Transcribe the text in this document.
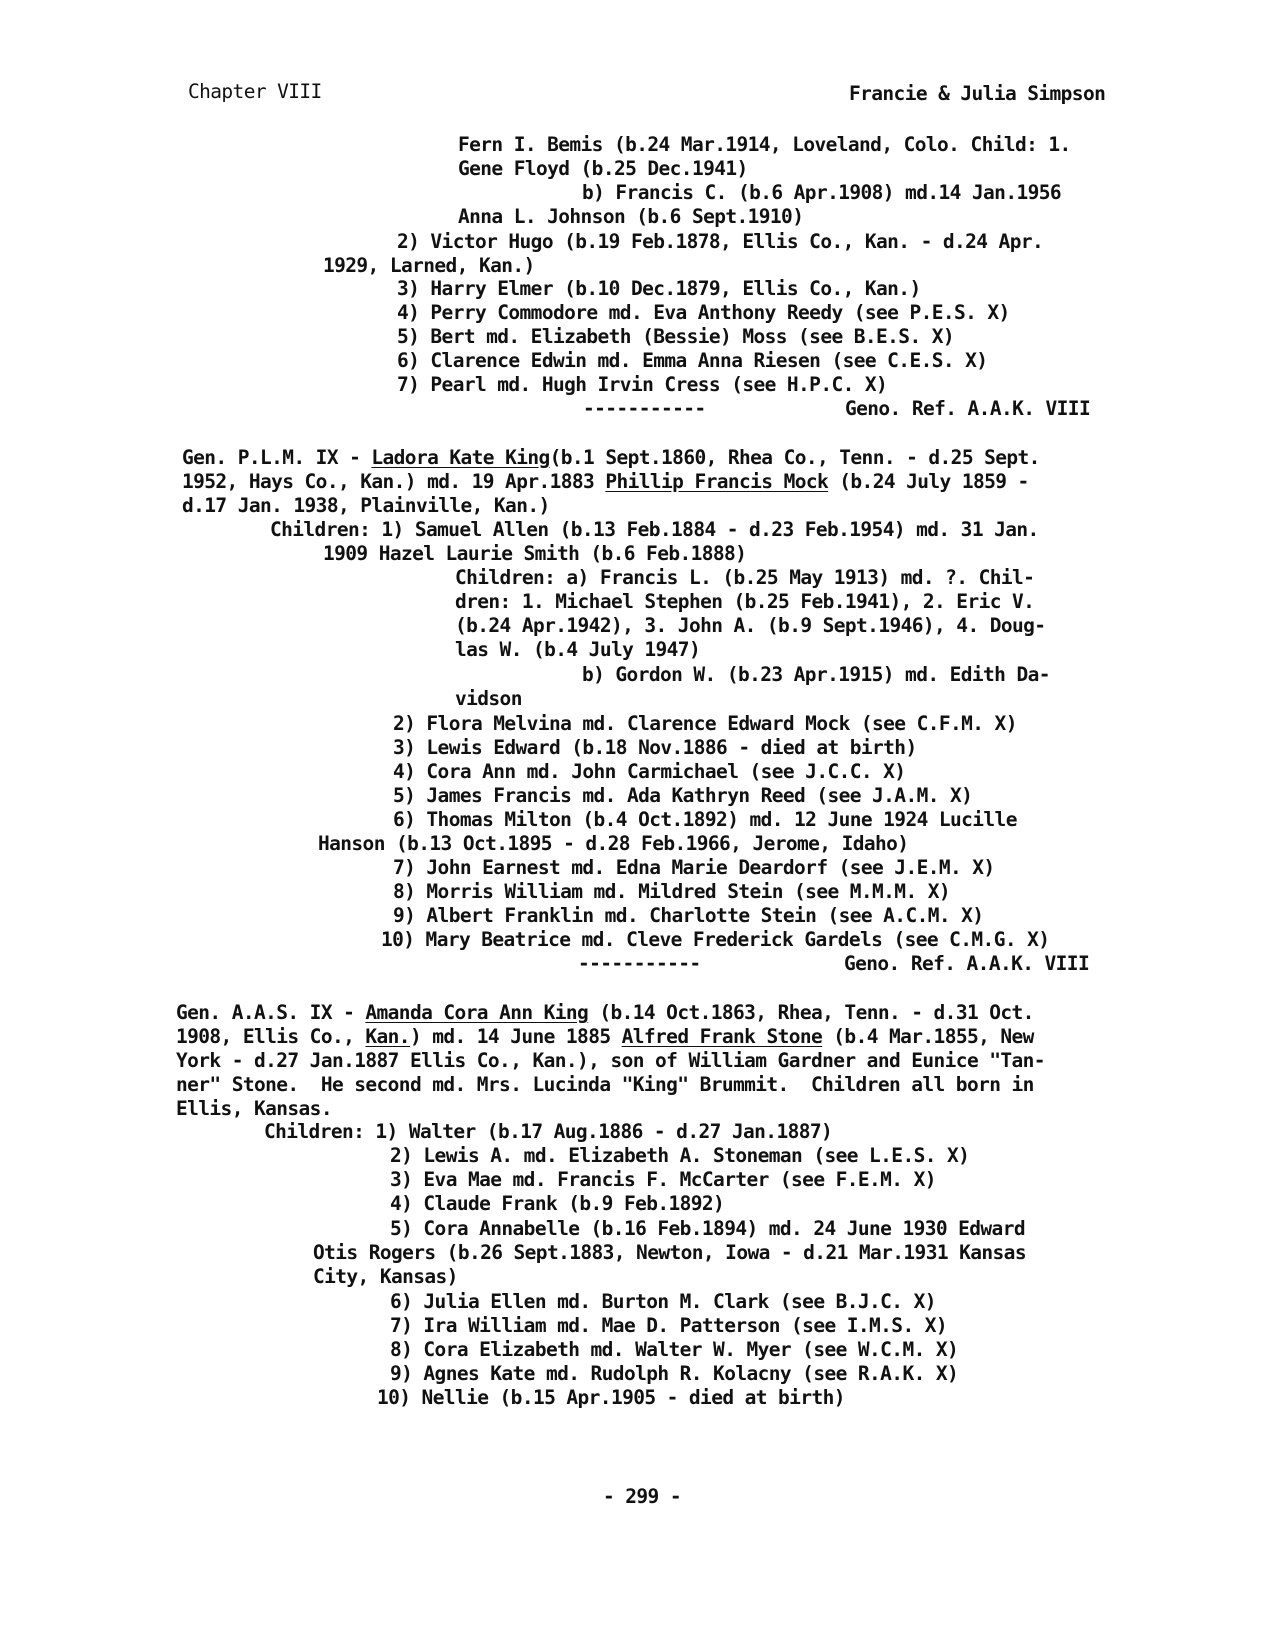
Chapter VIII	Francie & Julia Simpson
Fern I. Bemis (b.24 Mar.1914, Loveland, Colo. Child: 1.
Gene Floyd (b.25 Dec.1941)
b) Francis C. (b.6 Apr.1908) md.14 Jan.1956
Anna L. Johnson (b.6 Sept.1910)
2) Victor Hugo (b.19 Feb.1878, Ellis Co., Kan. - d.24 Apr.
1929, Larned, Kan.)
3) Harry Elmer (b.10 Dec.1879, Ellis Co., Kan.)
4) Perry Commodore md. Eva Anthony Reedy (see P.E.S. X)
5) Bert md. Elizabeth (Bessie) Moss (see B.E.S. X)
6) Clarence Edwin md. Emma Anna Riesen (see C.E.S. X)
7) Pearl md. Hugh Irvin Cress (see H.P.C. X)
-----------	Geno. Ref. A.A.K. VIII
Gen. P.L.M. IX - Ladora Kate King(b.1 Sept.1860, Rhea Co., Tenn. - d.25 Sept.
1952, Hays Co., Kan.) md. 19 Apr.1883 Phillip Francis Mock (b.24 July 1859 -
d.17 Jan. 1938, Plainville, Kan.)
Children: 1) Samuel Allen (b.13 Feb.1884 - d.23 Feb.1954) md. 31 Jan.
1909 Hazel Laurie Smith (b.6 Feb.1888)
Children: a) Francis L. (b.25 May 1913) md. ?. Chil-
dren: 1. Michael Stephen (b.25 Feb.1941), 2. Eric V.
(b.24 Apr.1942), 3. John A. (b.9 Sept.1946), 4. Doug-
las W. (b.4 July 1947)
b) Gordon W. (b.23 Apr.1915) md. Edith Da-
vidson
2) Flora Melvina md. Clarence Edward Mock (see C.F.M. X)
3) Lewis Edward (b.18 Nov.1886 - died at birth)
4) Cora Ann md. John Carmichael (see J.C.C. X)
5) James Francis md. Ada Kathryn Reed (see J.A.M. X)
6) Thomas Milton (b.4 Oct.1892) md. 12 June 1924 Lucille
Hanson (b.13 Oct.1895 - d.28 Feb.1966, Jerome, Idaho)
7) John Earnest md. Edna Marie Deardorf (see J.E.M. X)
8) Morris William md. Mildred Stein (see M.M.M. X)
9) Albert Franklin md. Charlotte Stein (see A.C.M. X)
10) Mary Beatrice md. Cleve Frederick Gardels (see C.M.G. X)
-----------	Geno. Ref. A.A.K. VIII
Gen. A.A.S. IX - Amanda Cora Ann King (b.14 Oct.1863, Rhea, Tenn. - d.31 Oct.
1908, Ellis Co., Kan.) md. 14 June 1885 Alfred Frank Stone (b.4 Mar.1855, New
York - d.27 Jan.1887 Ellis Co., Kan.), son of William Gardner and Eunice "Tan-
ner" Stone.  He second md. Mrs. Lucinda "King" Brummit.  Children all born in
Ellis, Kansas.
Children: 1) Walter (b.17 Aug.1886 - d.27 Jan.1887)
2) Lewis A. md. Elizabeth A. Stoneman (see L.E.S. X)
3) Eva Mae md. Francis F. McCarter (see F.E.M. X)
4) Claude Frank (b.9 Feb.1892)
5) Cora Annabelle (b.16 Feb.1894) md. 24 June 1930 Edward
Otis Rogers (b.26 Sept.1883, Newton, Iowa - d.21 Mar.1931 Kansas
City, Kansas)
6) Julia Ellen md. Burton M. Clark (see B.J.C. X)
7) Ira William md. Mae D. Patterson (see I.M.S. X)
8) Cora Elizabeth md. Walter W. Myer (see W.C.M. X)
9) Agnes Kate md. Rudolph R. Kolacny (see R.A.K. X)
10) Nellie (b.15 Apr.1905 - died at birth)
- 299 -
